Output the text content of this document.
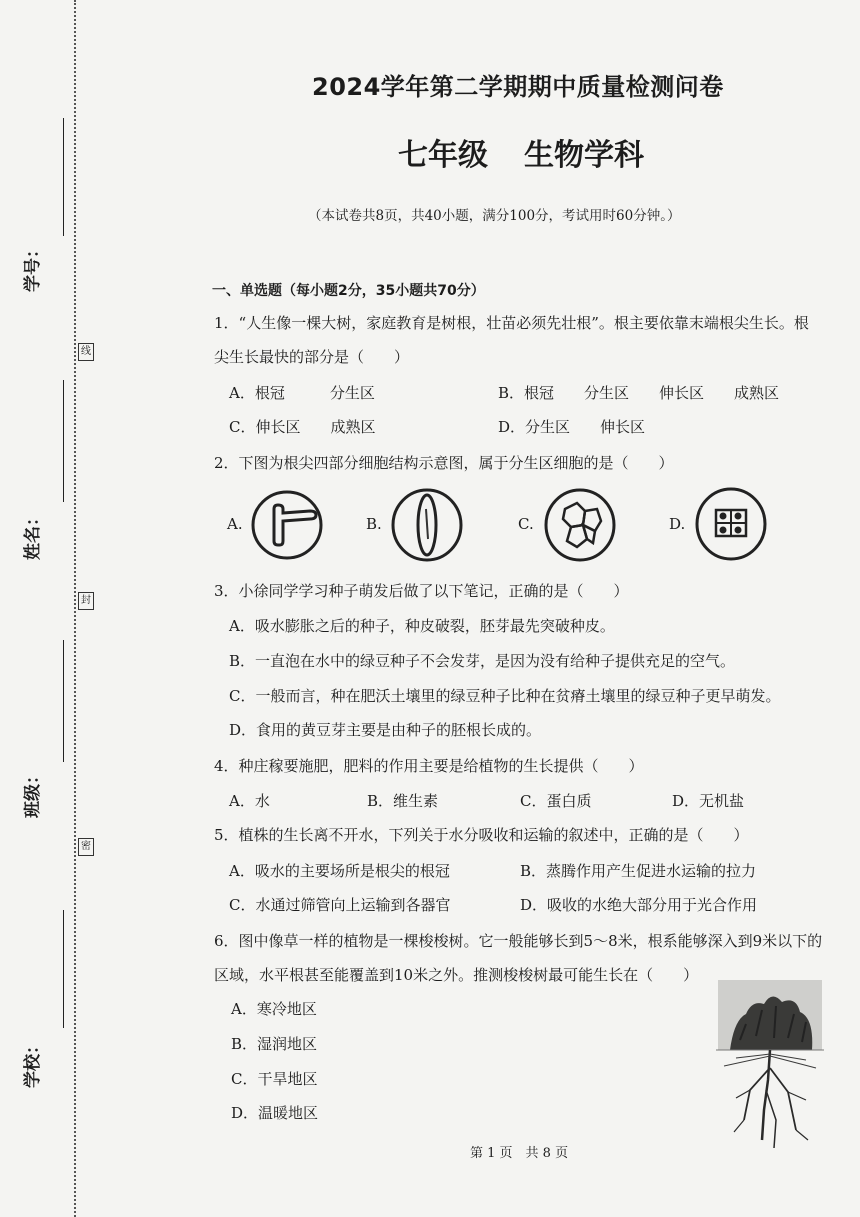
线
封
密
学号：
姓名：
班级：
学校：
2024学年第二学期期中质量检测问卷
七年级 生物学科
（本试卷共8页，共40小题，满分100分，考试用时60分钟。）
一、单选题（每小题2分，35小题共70分）
1．“人生像一棵大树，家庭教育是树根，壮苗必须先壮根”。根主要依靠末端根尖生长。根
尖生长最快的部分是（　　）
A．根冠　　　分生区	B．根冠　　分生区　　伸长区　　成熟区
C．伸长区　　成熟区	D．分生区　　伸长区
2．下图为根尖四部分细胞结构示意图，属于分生区细胞的是（　　）
A.	B.	C.	D.
3．小徐同学学习种子萌发后做了以下笔记，正确的是（　　）
A．吸水膨胀之后的种子，种皮破裂，胚芽最先突破种皮。
B．一直泡在水中的绿豆种子不会发芽，是因为没有给种子提供充足的空气。
C．一般而言，种在肥沃土壤里的绿豆种子比种在贫瘠土壤里的绿豆种子更早萌发。
D．食用的黄豆芽主要是由种子的胚根长成的。
4．种庄稼要施肥，肥料的作用主要是给植物的生长提供（　　）
A．水	B．维生素	C．蛋白质	D．无机盐
5．植株的生长离不开水，下列关于水分吸收和运输的叙述中，正确的是（　　）
A．吸水的主要场所是根尖的根冠	B．蒸腾作用产生促进水运输的拉力
C．水通过筛管向上运输到各器官	D．吸收的水绝大部分用于光合作用
6．图中像草一样的植物是一棵梭梭树。它一般能够长到5～8米，根系能够深入到9米以下的
区域，水平根甚至能覆盖到10米之外。推测梭梭树最可能生长在（　　）
A．寒冷地区
B．湿润地区
C．干旱地区
D．温暖地区
第 1 页　共 8 页
